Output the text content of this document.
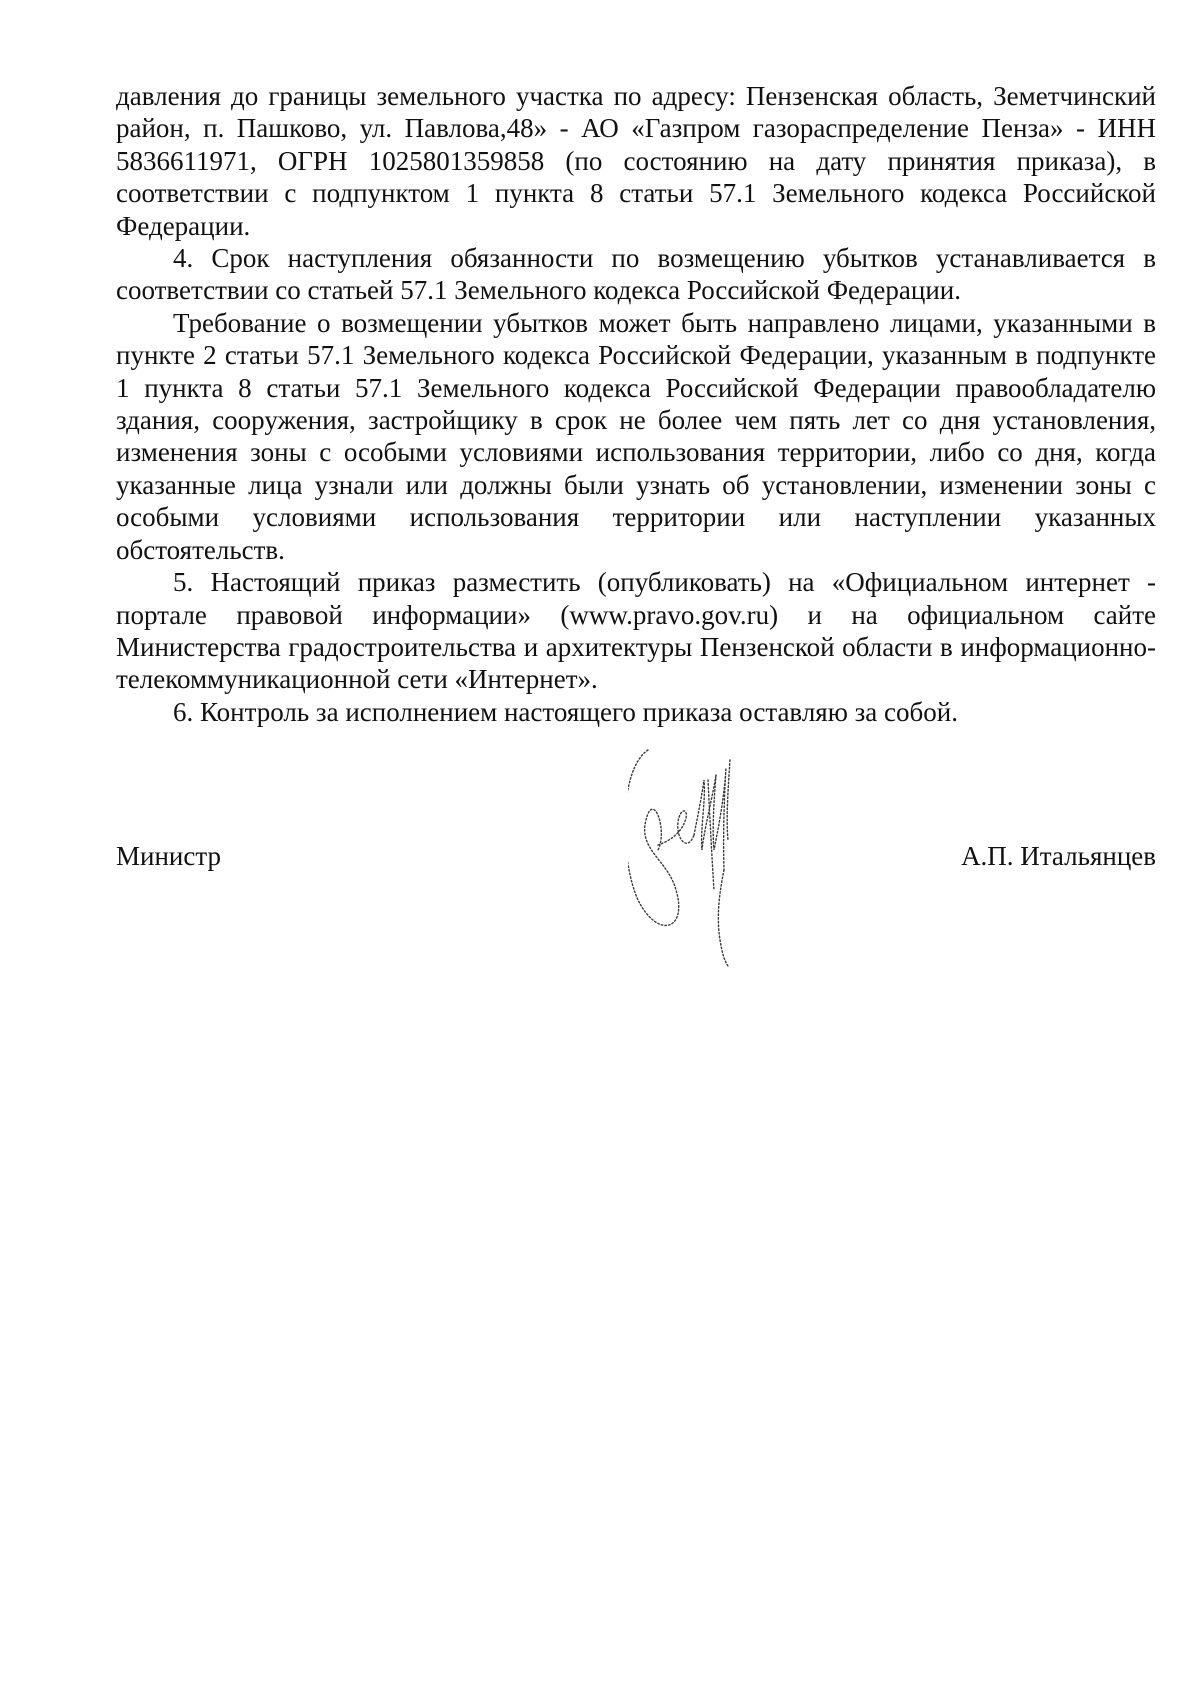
давления до границы земельного участка по адресу: Пензенская область, Земетчинский район, п. Пашково, ул. Павлова,48» - АО «Газпром газораспределение Пенза» - ИНН 5836611971, ОГРН 1025801359858 (по состоянию на дату принятия приказа), в соответствии с подпунктом 1 пункта 8 статьи 57.1 Земельного кодекса Российской Федерации.

4. Срок наступления обязанности по возмещению убытков устанавливается в соответствии со статьей 57.1 Земельного кодекса Российской Федерации.

Требование о возмещении убытков может быть направлено лицами, указанными в пункте 2 статьи 57.1 Земельного кодекса Российской Федерации, указанным в подпункте 1 пункта 8 статьи 57.1 Земельного кодекса Российской Федерации правообладателю здания, сооружения, застройщику в срок не более чем пять лет со дня установления, изменения зоны с особыми условиями использования территории, либо со дня, когда указанные лица узнали или должны были узнать об установлении, изменении зоны с особыми условиями использования территории или наступлении указанных обстоятельств.

5. Настоящий приказ разместить (опубликовать) на «Официальном интернет - портале правовой информации» (www.pravo.gov.ru) и на официальном сайте Министерства градостроительства и архитектуры Пензенской области в информационно-телекоммуникационной сети «Интернет».

6. Контроль за исполнением настоящего приказа оставляю за собой.

Министр	А.П. Итальянцев
